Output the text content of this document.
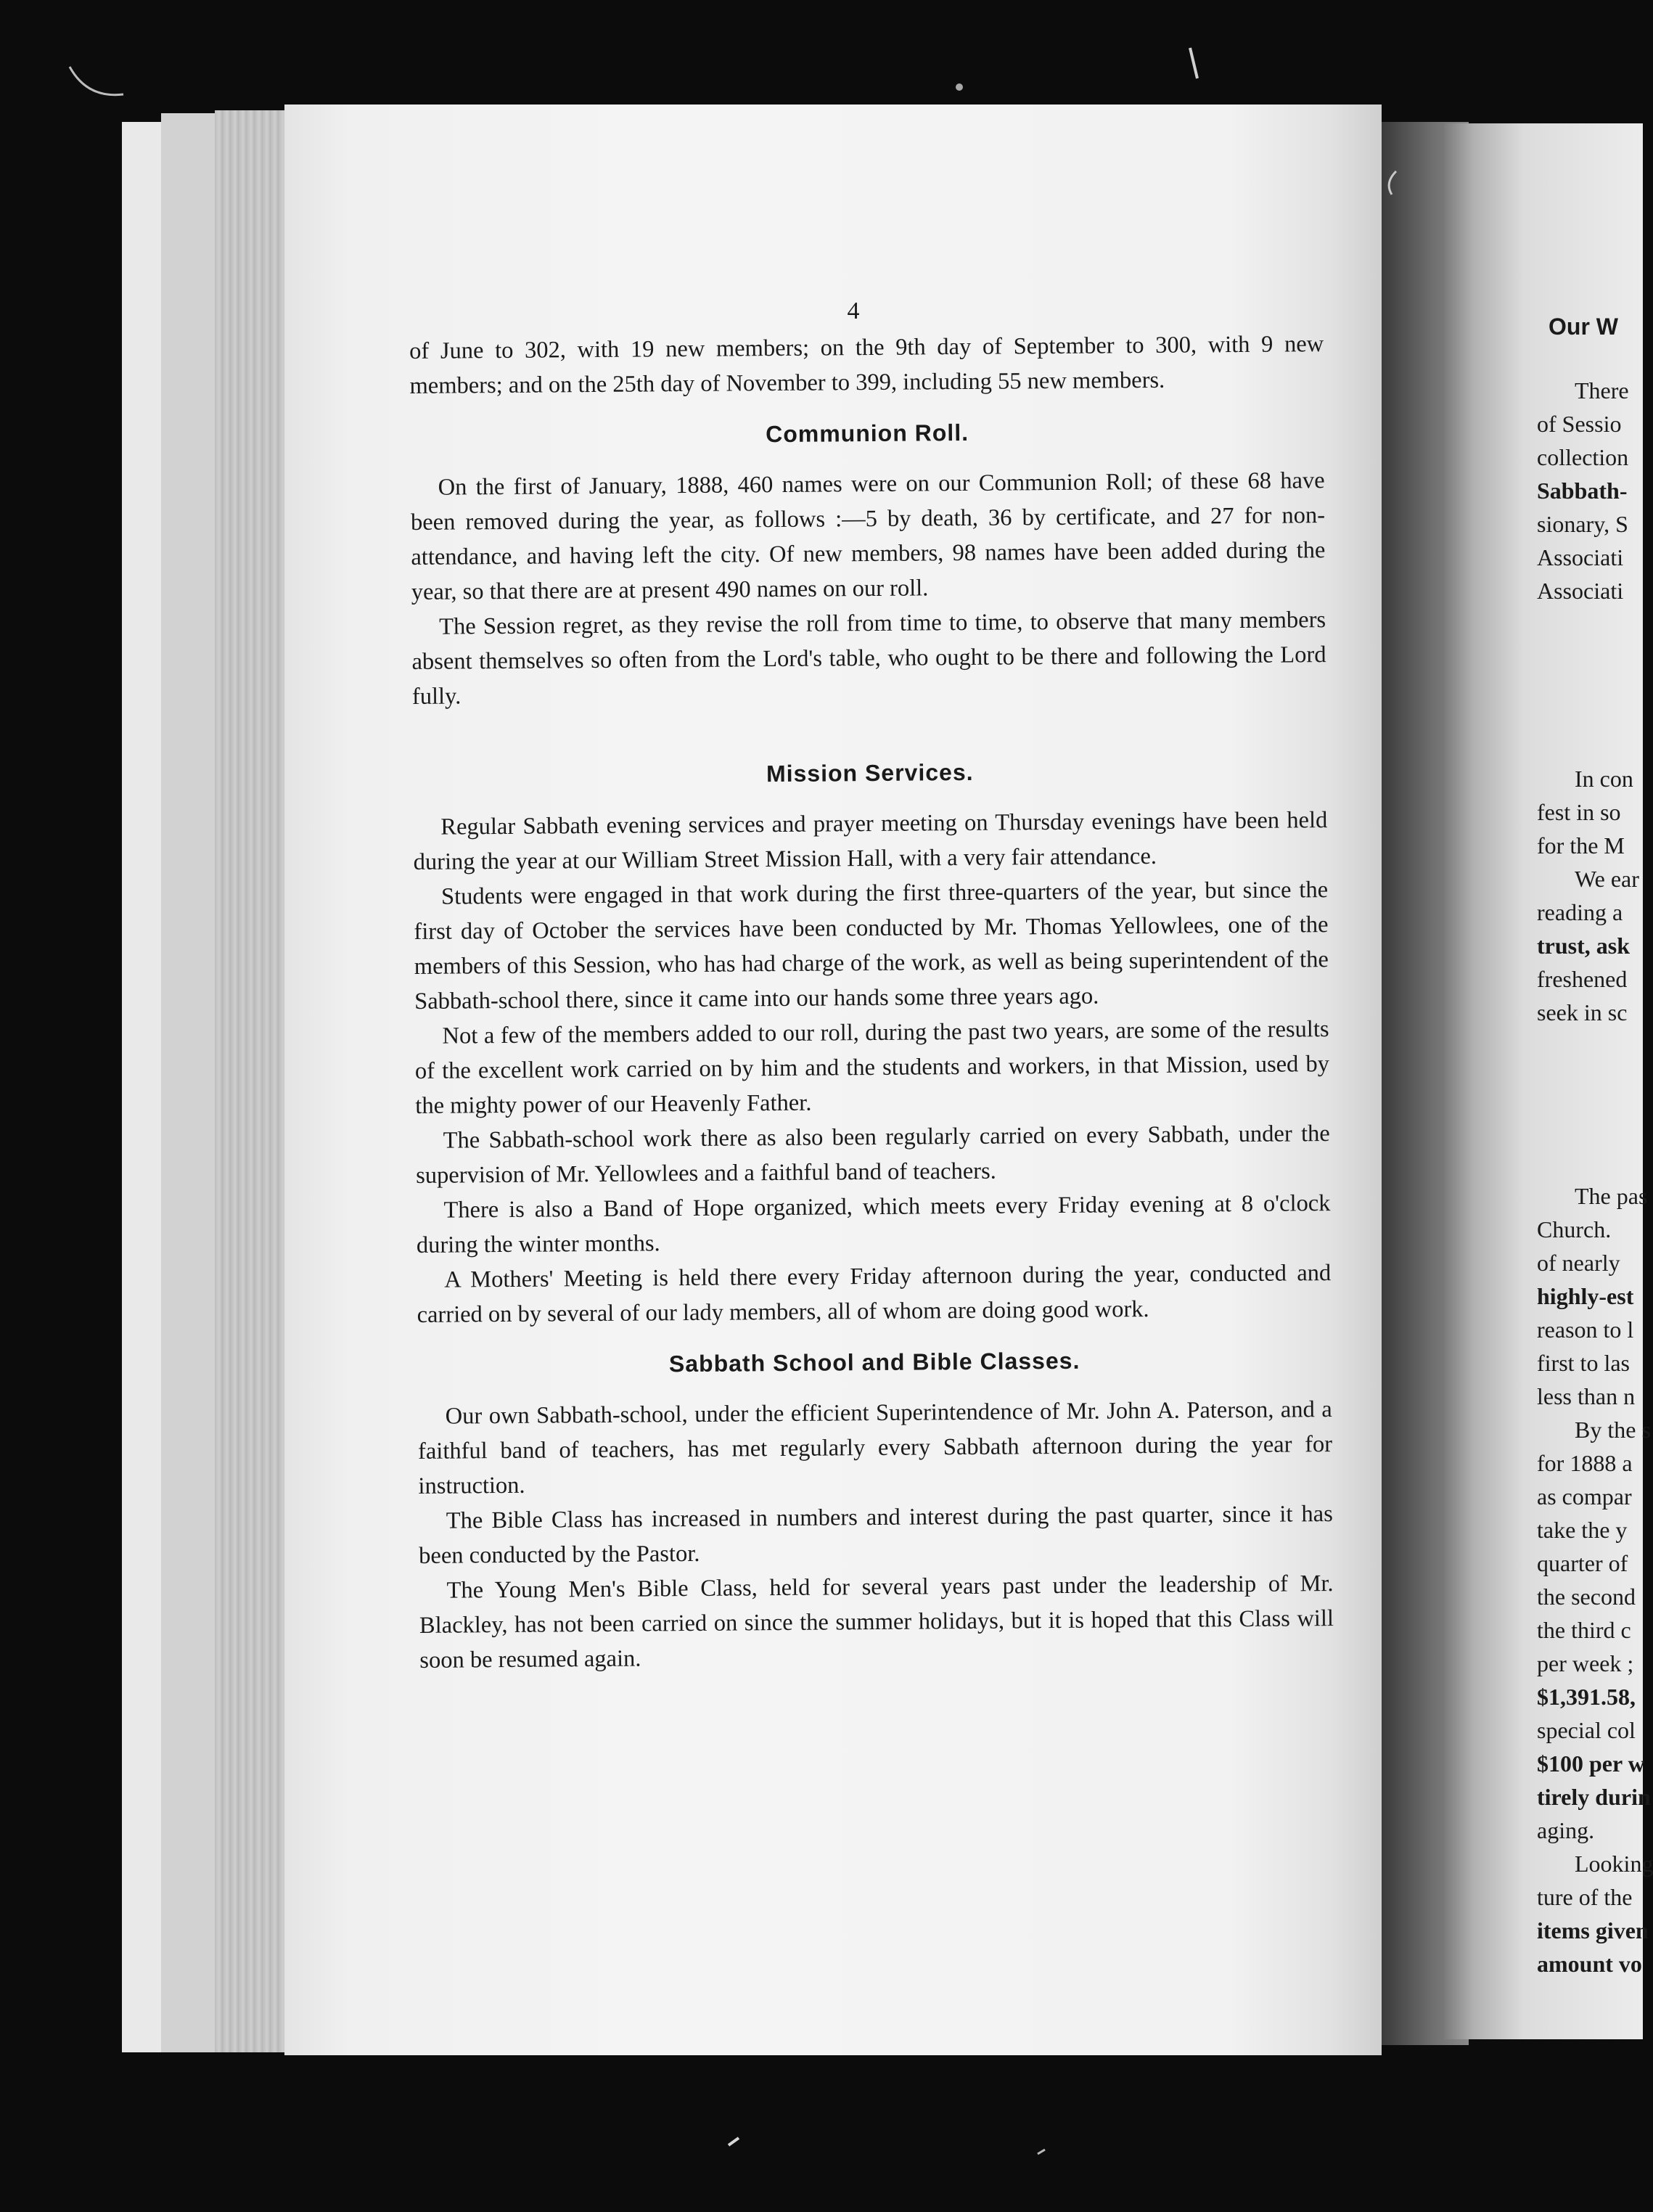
Our W
There
of Sessio
collection
Sabbath-
sionary, S
Associati
Associati
In con
fest in so
for the M
We ear
reading a
trust, ask
freshened
seek in sc
The pas
Church.
of nearly
highly-est
reason to l
first to las
less than n
By the s
for 1888 a
as compar
take the y
quarter of
the second
the third c
per week ;
$1,391.58,
special col
$100 per w
tirely durin
aging.
Looking
ture of the
items given
amount vo
4

of June to 302, with 19 new members; on the 9th day of September to 300, with 9 new members; and on the 25th day of November to 399, including 55 new members.

Communion Roll.

On the first of January, 1888, 460 names were on our Communion Roll; of these 68 have been removed during the year, as follows :—5 by death, 36 by certificate, and 27 for non-attendance, and having left the city. Of new members, 98 names have been added during the year, so that there are at present 490 names on our roll.

The Session regret, as they revise the roll from time to time, to observe that many members absent themselves so often from the Lord's table, who ought to be there and following the Lord fully.

Mission Services.

Regular Sabbath evening services and prayer meeting on Thursday evenings have been held during the year at our William Street Mission Hall, with a very fair attendance.

Students were engaged in that work during the first three-quarters of the year, but since the first day of October the services have been conducted by Mr. Thomas Yellowlees, one of the members of this Session, who has had charge of the work, as well as being superintendent of the Sabbath-school there, since it came into our hands some three years ago.

Not a few of the members added to our roll, during the past two years, are some of the results of the excellent work carried on by him and the students and workers, in that Mission, used by the mighty power of our Heavenly Father.

The Sabbath-school work there as also been regularly carried on every Sabbath, under the supervision of Mr. Yellowlees and a faithful band of teachers.

There is also a Band of Hope organized, which meets every Friday evening at 8 o'clock during the winter months.

A Mothers' Meeting is held there every Friday afternoon during the year, conducted and carried on by several of our lady members, all of whom are doing good work.

Sabbath School and Bible Classes.

Our own Sabbath-school, under the efficient Superintendence of Mr. John A. Paterson, and a faithful band of teachers, has met regularly every Sabbath afternoon during the year for instruction.

The Bible Class has increased in numbers and interest during the past quarter, since it has been conducted by the Pastor.

The Young Men's Bible Class, held for several years past under the leadership of Mr. Blackley, has not been carried on since the summer holidays, but it is hoped that this Class will soon be resumed again.
